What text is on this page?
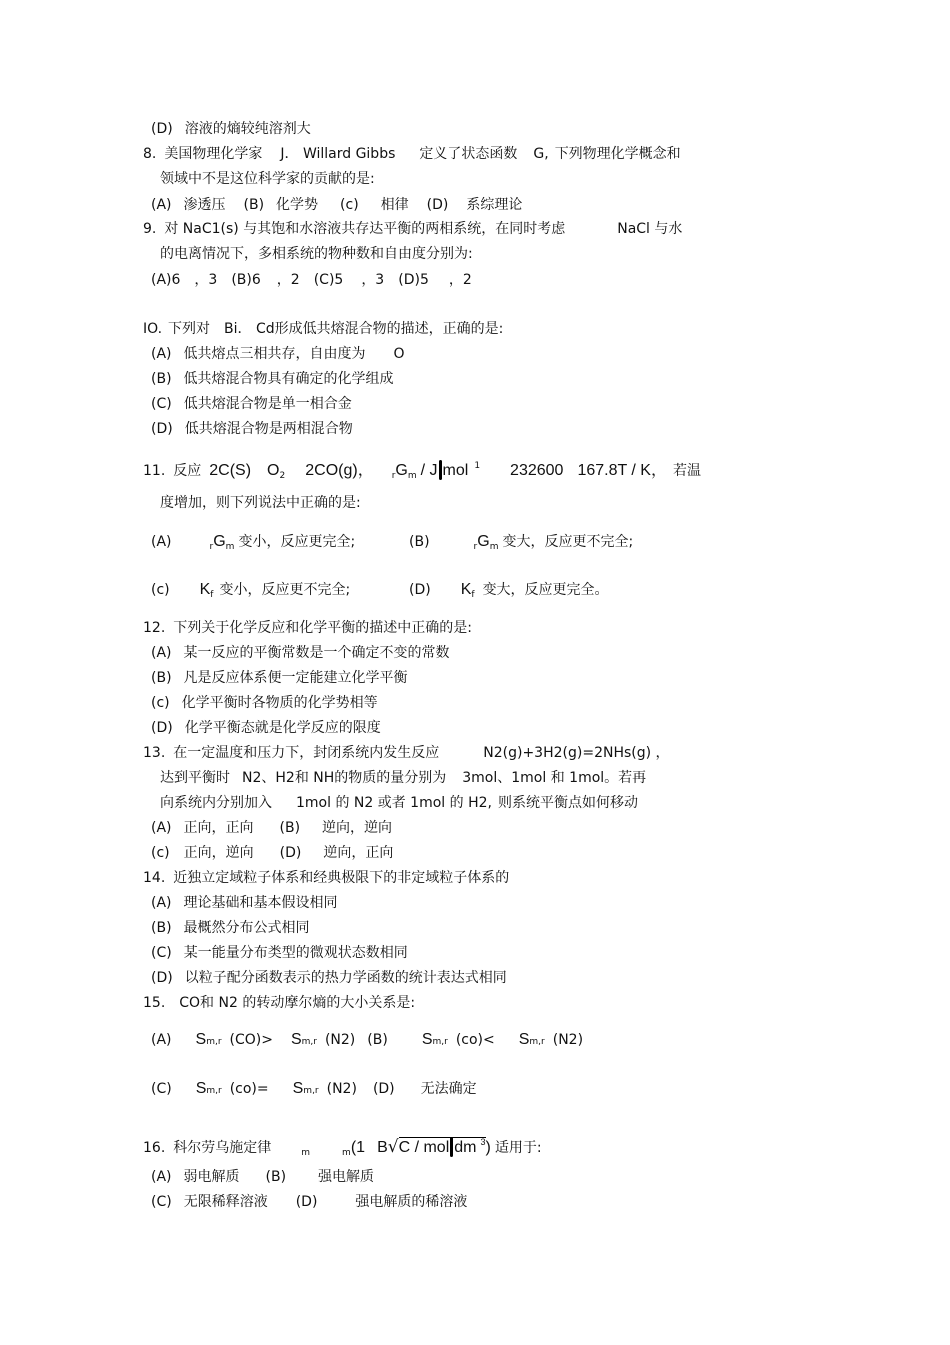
(D) 溶液的熵较纯溶剂大
8. 美国物理化学家 J． Willard Gibbs 定义了状态函数 G, 下列物理化学概念和
领域中不是这位科学家的贡献的是:
(A) 渗透压 (B) 化学势 (c) 相律 (D) 系综理论
9. 对 NaC1(s) 与其饱和水溶液共存达平衡的两相系统，在同时考虑	NaCl 与水
的电离情况下，多相系统的物种数和自由度分别为:
(A)6 ，3 (B)6 ，2 (C)5 ，3 (D)5 ，2
IO. 下列对 Bi． Cd形成低共熔混合物的描述，正确的是:
(A) 低共熔点三相共存，自由度为 O
(B) 低共熔混合物具有确定的化学组成
(C) 低共熔混合物是单一相合金
(D) 低共熔混合物是两相混合物
11. 反应 2C(S) $O_2$ 2CO(g)， $_rG_m$ / J mol $^1$ 232600 167.8T / K， 若温
度增加，则下列说法中正确的是:
(A)	$_rG_m$ 变小，反应更完全;	(B)	$_rG_m$ 变大，反应更不完全;
(c) $K_f$ 变小，反应更不完全;	(D) $K_f$ 变大，反应更完全。
12. 下列关于化学反应和化学平衡的描述中正确的是:
(A) 某一反应的平衡常数是一个确定不变的常数
(B) 凡是反应体系便一定能建立化学平衡
(c) 化学平衡时各物质的化学势相等
(D) 化学平衡态就是化学反应的限度
13. 在一定温度和压力下，封闭系统内发生反应	N2(g)+3H2(g)=2NHs(g) ，
达到平衡时 N2、H2和 NH的物质的量分别为 3mol、1mol 和 1mol。若再
向系统内分别加入 1mol 的 N2 或者 1mol 的 H2, 则系统平衡点如何移动
(A) 正向，正向 (B) 逆向，逆向
(c) 正向，逆向 (D) 逆向，正向
14. 近独立定域粒子体系和经典极限下的非定域粒子体系的
(A) 理论基础和基本假设相同
(B) 最概然分布公式相同
(C) 某一能量分布类型的微观状态数相同
(D) 以粒子配分函数表示的热力学函数的统计表达式相同
15. CO和 N2 的转动摩尔熵的大小关系是:
(A) Sm,r (CO)> Sm,r (N2) (B) Sm,r (co)< Sm,r (N2)
(C) Sm,r (co)= Sm,r (N2) (D) 无法确定
16. 科尔劳乌施定律	$_m$	$_m$(1 B√C / mol dm $^3$) 适用于:
(A) 弱电解质 (B) 强电解质
(C) 无限稀释溶液 (D)	强电解质的稀溶液
